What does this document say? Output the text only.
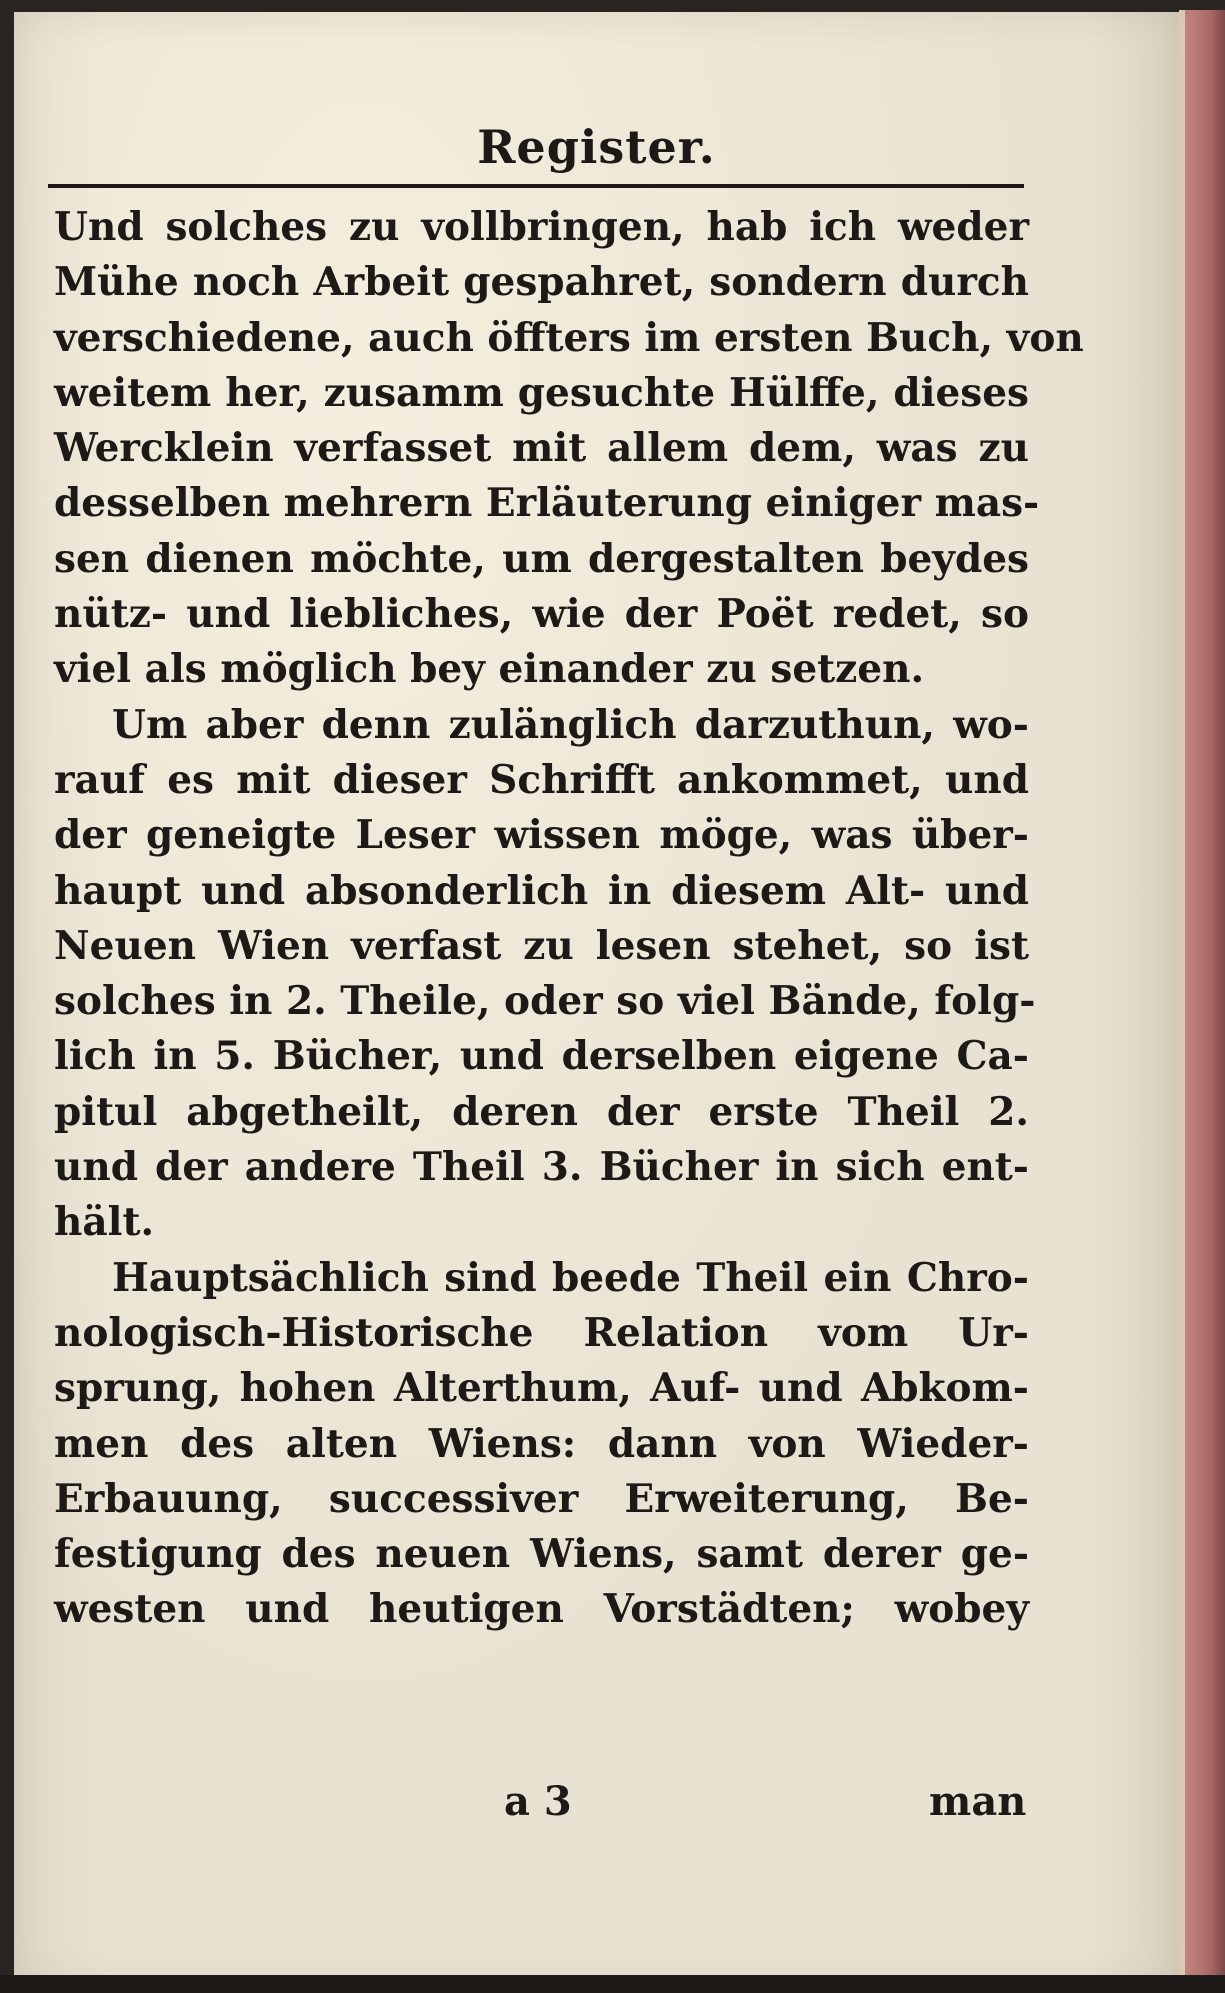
Register.
Und solches zu vollbringen, hab ich weder
Mühe noch Arbeit gespahret, sondern durch
verschiedene, auch öffters im ersten Buch, von
weitem her, zusamm gesuchte Hülffe, dieses
Wercklein verfasset mit allem dem, was zu
desselben mehrern Erläuterung einiger mas-
sen dienen möchte, um dergestalten beydes
nütz- und liebliches, wie der Poët redet, so
viel als möglich bey einander zu setzen.
Um aber denn zulänglich darzuthun, wo-
rauf es mit dieser Schrifft ankommet, und
der geneigte Leser wissen möge, was über-
haupt und absonderlich in diesem Alt- und
Neuen Wien verfast zu lesen stehet, so ist
solches in 2. Theile, oder so viel Bände, folg-
lich in 5. Bücher, und derselben eigene Ca-
pitul abgetheilt, deren der erste Theil 2.
und der andere Theil 3. Bücher in sich ent-
hält.
Hauptsächlich sind beede Theil ein Chro-
nologisch-Historische Relation vom Ur-
sprung, hohen Alterthum, Auf- und Abkom-
men des alten Wiens: dann von Wieder-
Erbauung, successiver Erweiterung, Be-
festigung des neuen Wiens, samt derer ge-
westen und heutigen Vorstädten; wobey
a 3	man
